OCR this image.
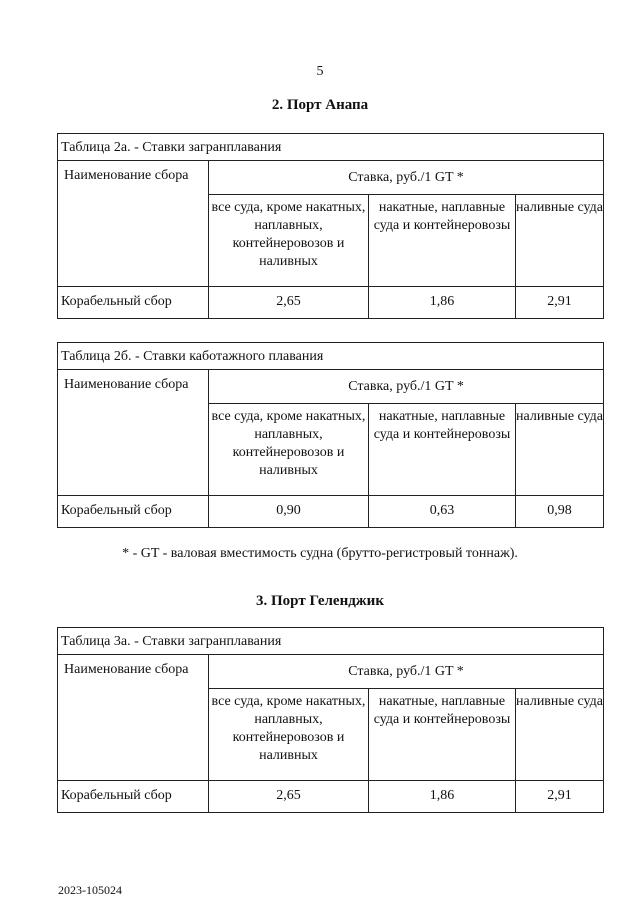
5
2. Порт Анапа
Таблица 2а. - Ставки загранплавания			
Наименование сбора	Ставка, руб./1 GT *		
	все суда, кроме накатных, наплавных, контейнеровозов и наливных	накатные, наплавные суда и контейнеровозы	наливные суда
Корабельный сбор	2,65	1,86	2,91
Таблица 2б. - Ставки каботажного плавания			
Наименование сбора	Ставка, руб./1 GT *		
	все суда, кроме накатных, наплавных, контейнеровозов и наливных	накатные, наплавные суда и контейнеровозы	наливные суда
Корабельный сбор	0,90	0,63	0,98
* - GT - валовая вместимость судна (брутто-регистровый тоннаж).
3. Порт Геленджик
Таблица 3а. - Ставки загранплавания			
Наименование сбора	Ставка, руб./1 GT *		
	все суда, кроме накатных, наплавных, контейнеровозов и наливных	накатные, наплавные суда и контейнеровозы	наливные суда
Корабельный сбор	2,65	1,86	2,91
2023-105024
